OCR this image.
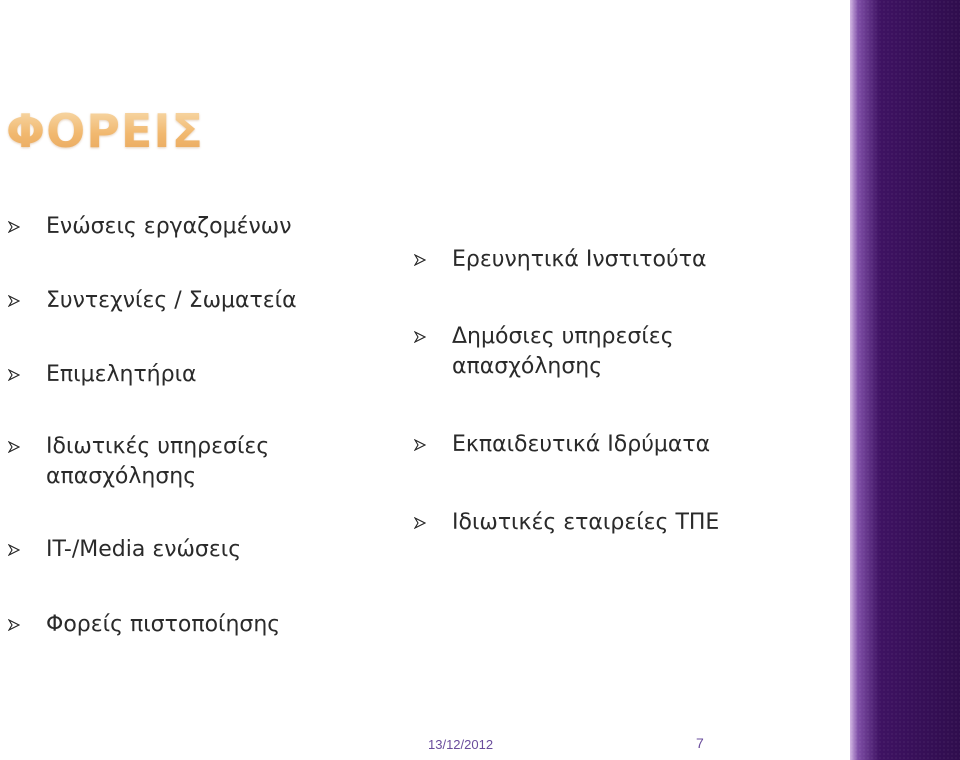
ΦΟΡΕΙΣ
Ενώσεις εργαζομένων
Συντεχνίες / Σωματεία
Επιμελητήρια
Ιδιωτικές υπηρεσίες
απασχόλησης
IT-/Media ενώσεις
Φορείς πιστοποίησης
Ερευνητικά Ινστιτούτα
Δημόσιες υπηρεσίες
απασχόλησης
Εκπαιδευτικά Ιδρύματα
Ιδιωτικές εταιρείες ΤΠΕ
13/12/2012	7
